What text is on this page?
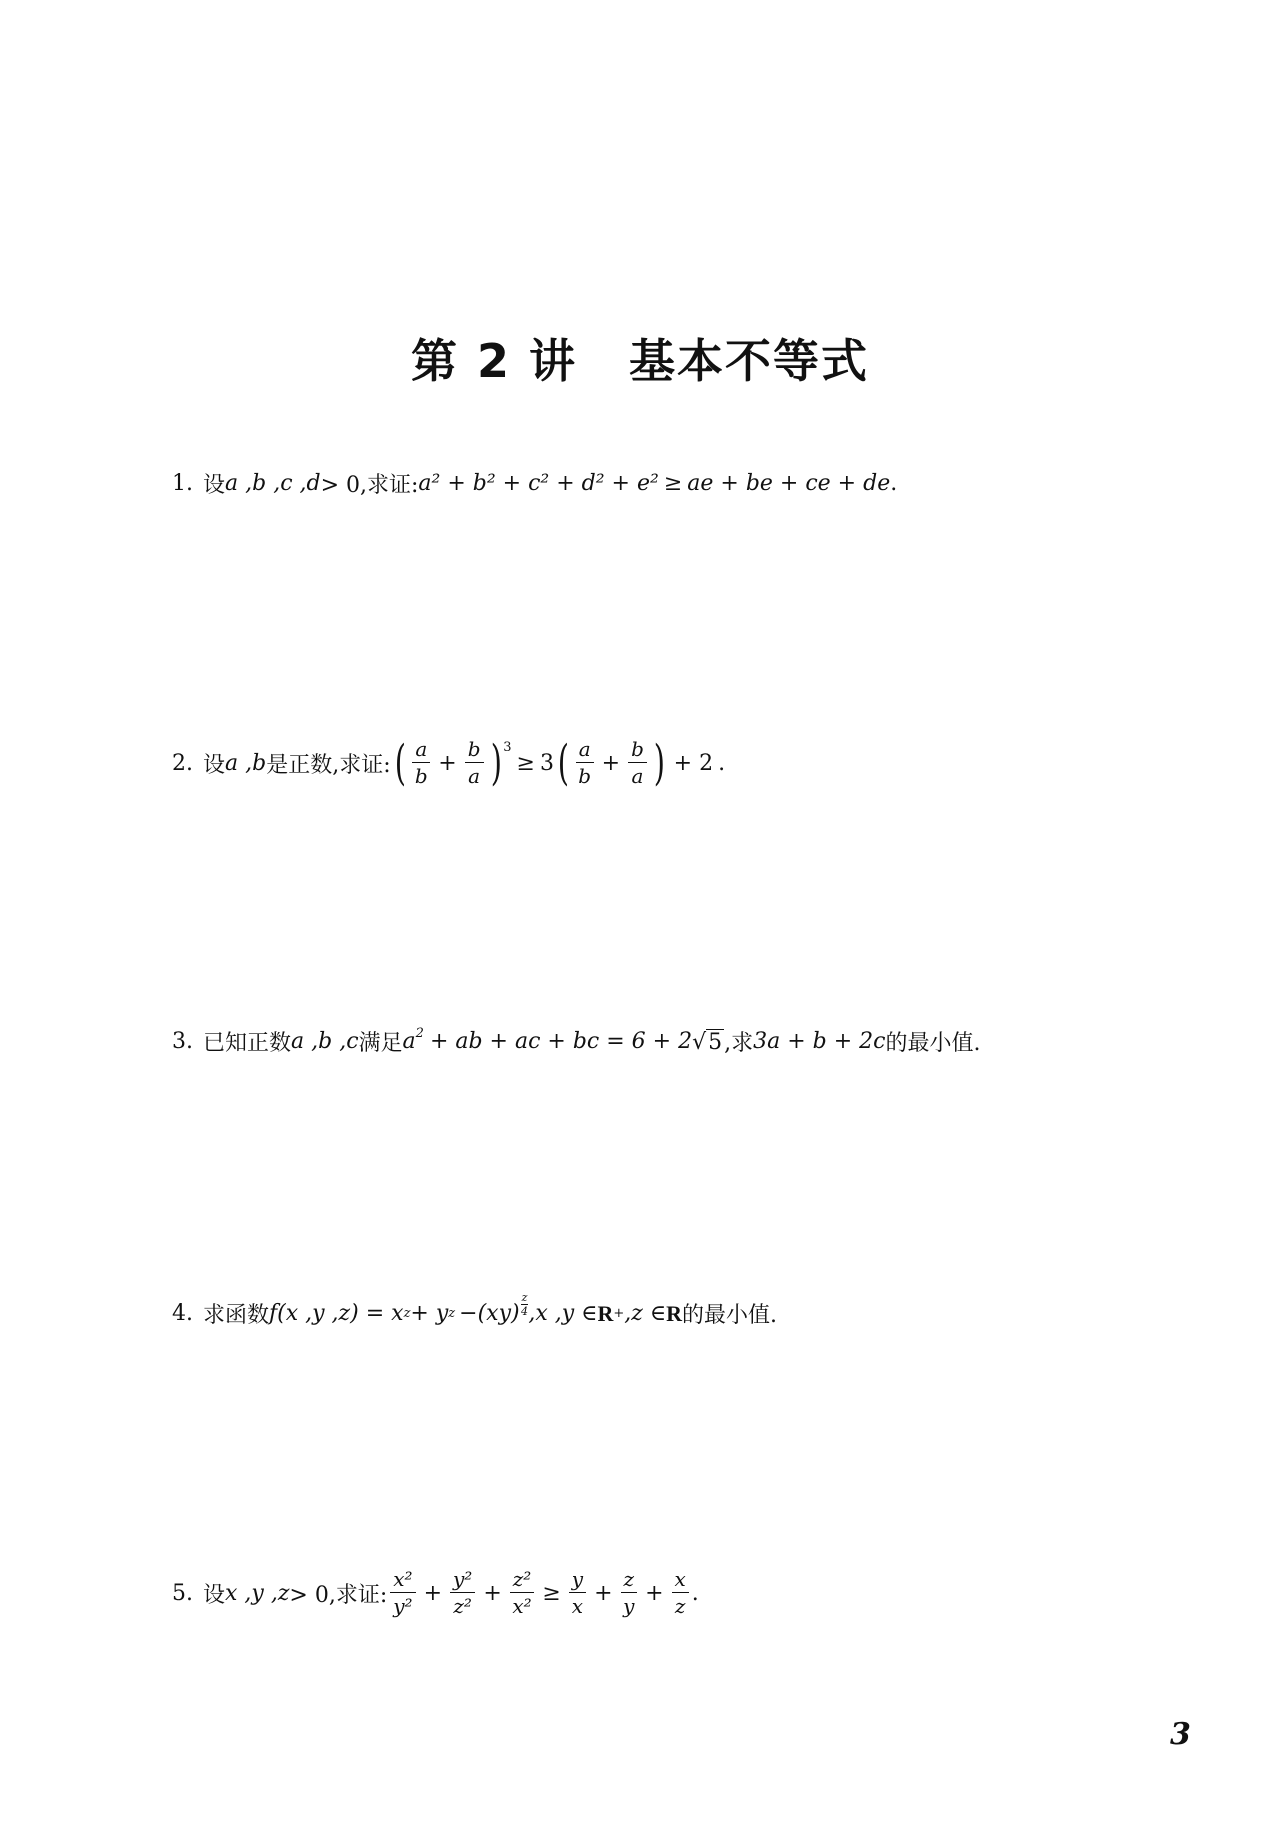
第 2 讲 基本不等式
1. 设 a ,b ,c ,d > 0,求证: a² + b² + c² + d² + e² ≥ ae + be + ce + de .
2. 设 a ,b 是正数,求证: ( $\frac{a}{b} + \frac{b}{a}$ ) 3
≥ 3 ( $\frac{a}{b} + \frac{b}{a}$ ) + 2 .
3. 已知正数 a ,b ,c 满足 $a^2$ + ab + ac + bc = 6 + 2 √ 5 ,求 3a + b + 2c 的最小值.
4. 求函数 f(x ,y ,z) = x z + y $z -(xy) \frac{z}{4} ,x$ ,y ∈ R + ,z ∈ R 的最小值.
5. 设 x ,y ,z > 0,求证: $\frac{\text{x²}}{\text{y²}} + \frac{\text{y²}}{\text{z²}} + \frac{\text{z²}}{\text{x²}} \ge \frac{y}{x} + \frac{z}{y} + \frac{x}{z}$ .
3
